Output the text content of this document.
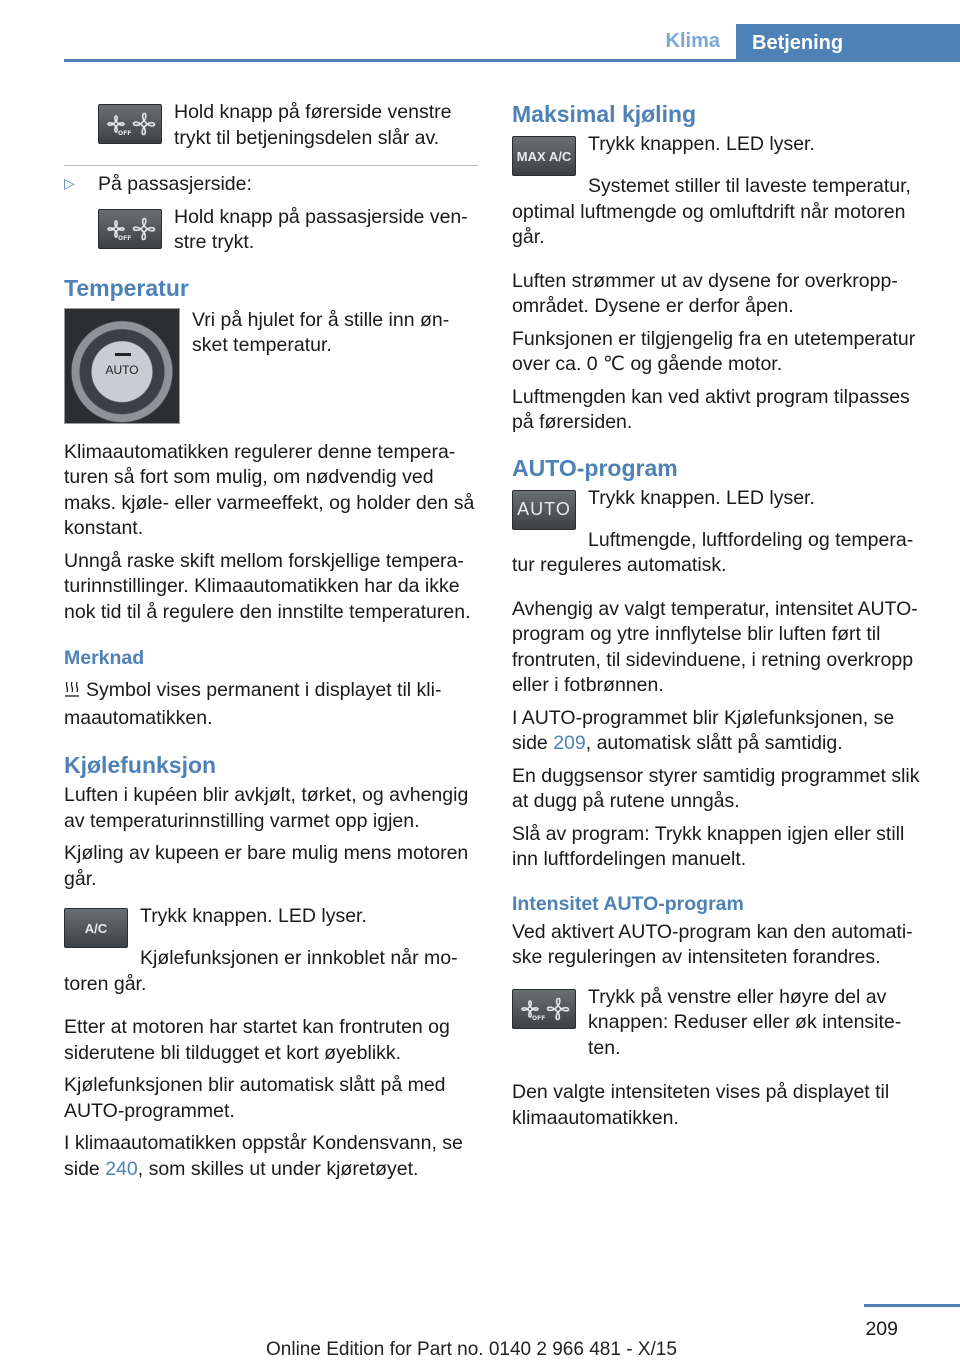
Klima	Betjening
OFF

Hold knapp på førerside venstre trykt til betjeningsdelen slår av.

▷	På passasjerside:

OFF

Hold knapp på passasjerside venstre trykt.

Temperatur
AUTO

Vri på hjulet for å stille inn ønsket temperatur.

Klimaautomatikken regulerer denne temperaturen så fort som mulig, om nødvendig ved maks. kjøle- eller varmeeffekt, og holder den så konstant.

Unngå raske skift mellom forskjellige temperaturinnstillinger. Klimaautomatikken har da ikke nok tid til å regulere den innstilte temperaturen.

Merknad

Symbol vises permanent i displayet til klimaautomatikken.

Kjølefunksjon

Luften i kupéen blir avkjølt, tørket, og avhengig av temperaturinnstilling varmet opp igjen.

Kjøling av kupeen er bare mulig mens motoren går.

A/C

Trykk knappen. LED lyser.

Kjølefunksjonen er innkoblet når motoren går.

Etter at motoren har startet kan frontruten og siderutene bli tildugget et kort øyeblikk.

Kjølefunksjonen blir automatisk slått på med AUTO-programmet.

I klimaautomatikken oppstår Kondensvann, se side 240, som skilles ut under kjøretøyet.

Maksimal kjøling
MAX A/C

Trykk knappen. LED lyser.

Systemet stiller til laveste temperatur, optimal luftmengde og omluftdrift når motoren går.

Luften strømmer ut av dysene for overkroppområdet. Dysene er derfor åpen.

Funksjonen er tilgjengelig fra en utetemperatur over ca. 0 ℃ og gående motor.

Luftmengden kan ved aktivt program tilpasses på førersiden.

AUTO-program
AUTO

Trykk knappen. LED lyser.

Luftmengde, luftfordeling og temperatur reguleres automatisk.

Avhengig av valgt temperatur, intensitet AUTO-program og ytre innflytelse blir luften ført til frontruten, til sidevinduene, i retning overkropp eller i fotbrønnen.

I AUTO-programmet blir Kjølefunksjonen, se side 209, automatisk slått på samtidig.

En duggsensor styrer samtidig programmet slik at dugg på rutene unngås.

Slå av program: Trykk knappen igjen eller still inn luftfordelingen manuelt.

Intensitet AUTO-program

Ved aktivert AUTO-program kan den automatiske reguleringen av intensiteten forandres.

OFF

Trykk på venstre eller høyre del av knappen: Reduser eller øk intensiteten.

Den valgte intensiteten vises på displayet til klimaautomatikken.

209
Online Edition for Part no. 0140 2 966 481 - X/15
